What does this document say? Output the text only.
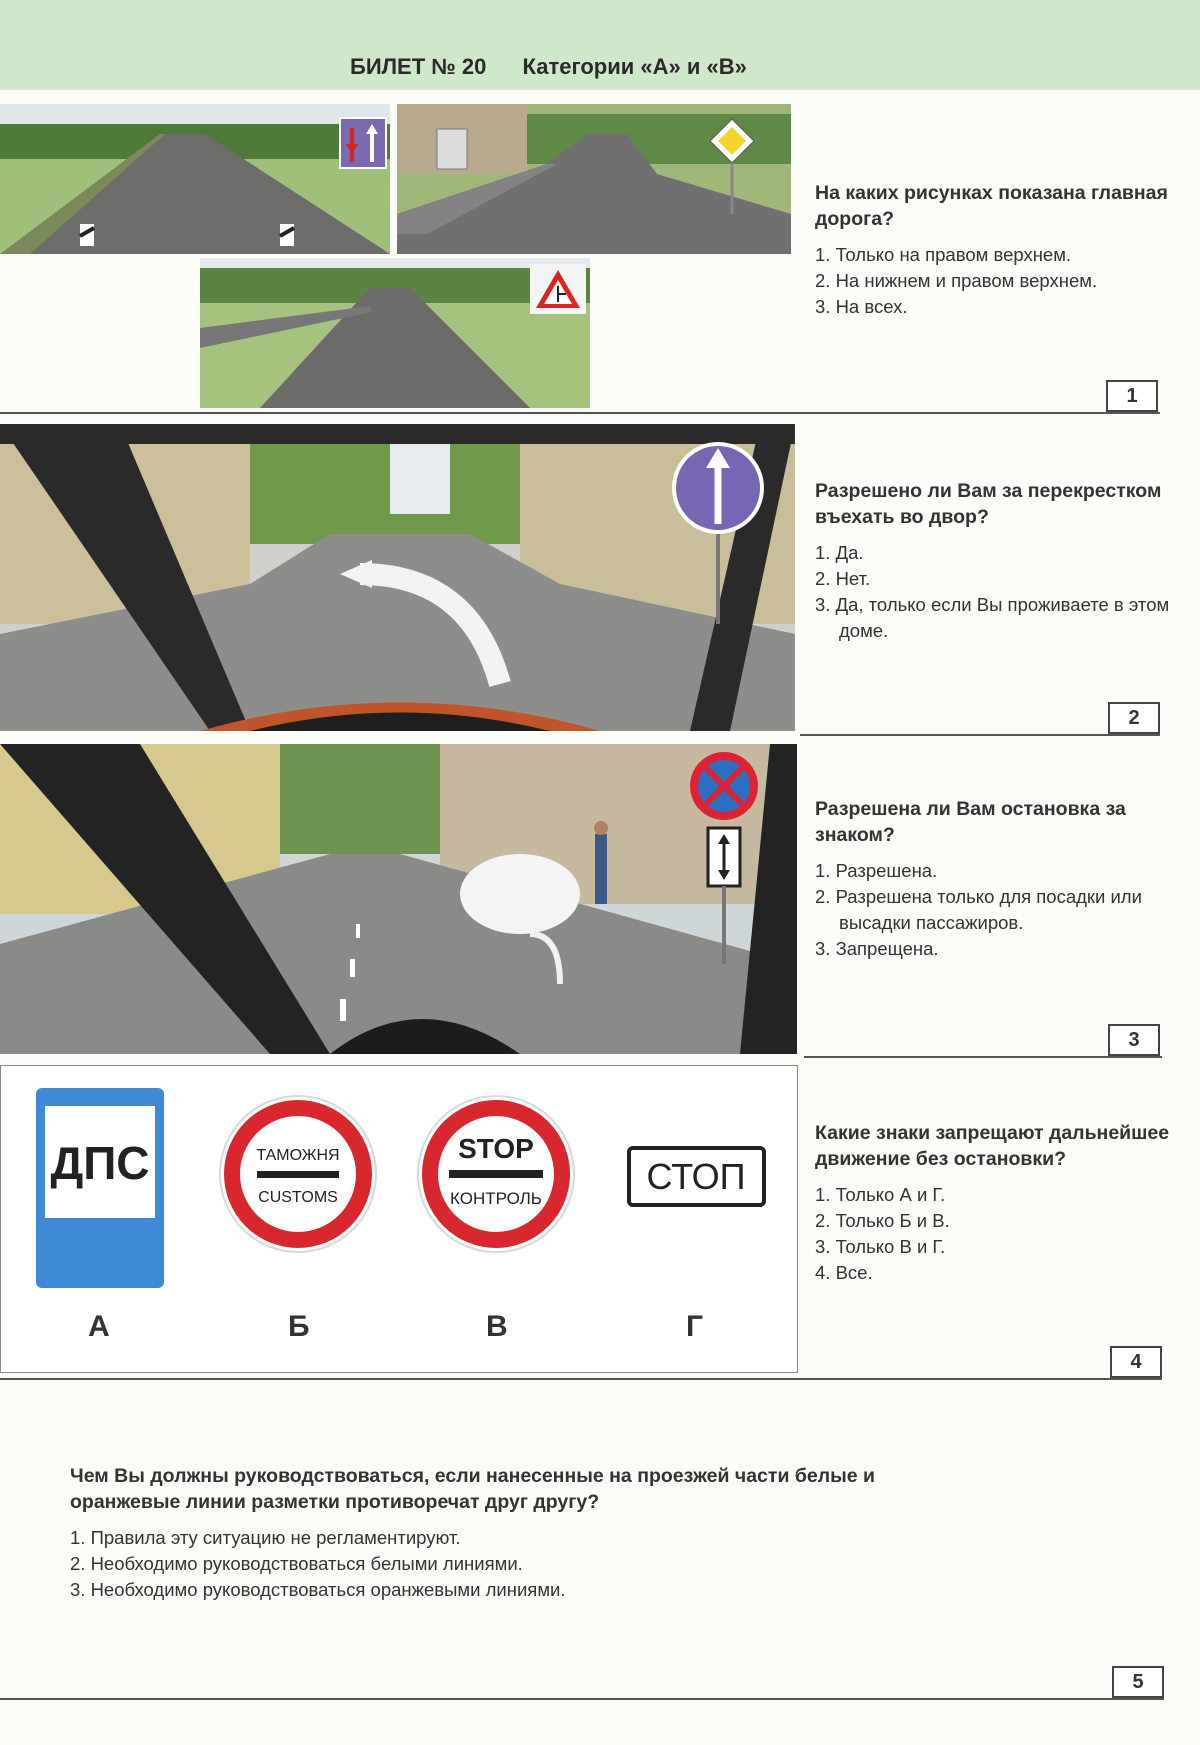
БИЛЕТ № 20 Категории «А» и «В»
На каких рисунках показана главная дорога?
1. Только на правом верхнем.
2. На нижнем и правом верхнем.
3. На всех.
1
Разрешено ли Вам за перекрестком въехать во двор?
1. Да.
2. Нет.
3. Да, только если Вы проживаете в этом доме.
2
Разрешена ли Вам остановка за знаком?
1. Разрешена.
2. Разрешена только для посадки или высадки пассажиров.
3. Запрещена.
3
ДПС	ТАМОЖНЯ
CUSTOMS
STOP
КОНТРОЛЬ
СТОП
А	Б	В	Г
Какие знаки запрещают дальнейшее движение без остановки?
1. Только А и Г.
2. Только Б и В.
3. Только В и Г.
4. Все.
4
Чем Вы должны руководствоваться, если нанесенные на проезжей части белые и оранжевые линии разметки противоречат друг другу?
1. Правила эту ситуацию не регламентируют.
2. Необходимо руководствоваться белыми линиями.
3. Необходимо руководствоваться оранжевыми линиями.
5
